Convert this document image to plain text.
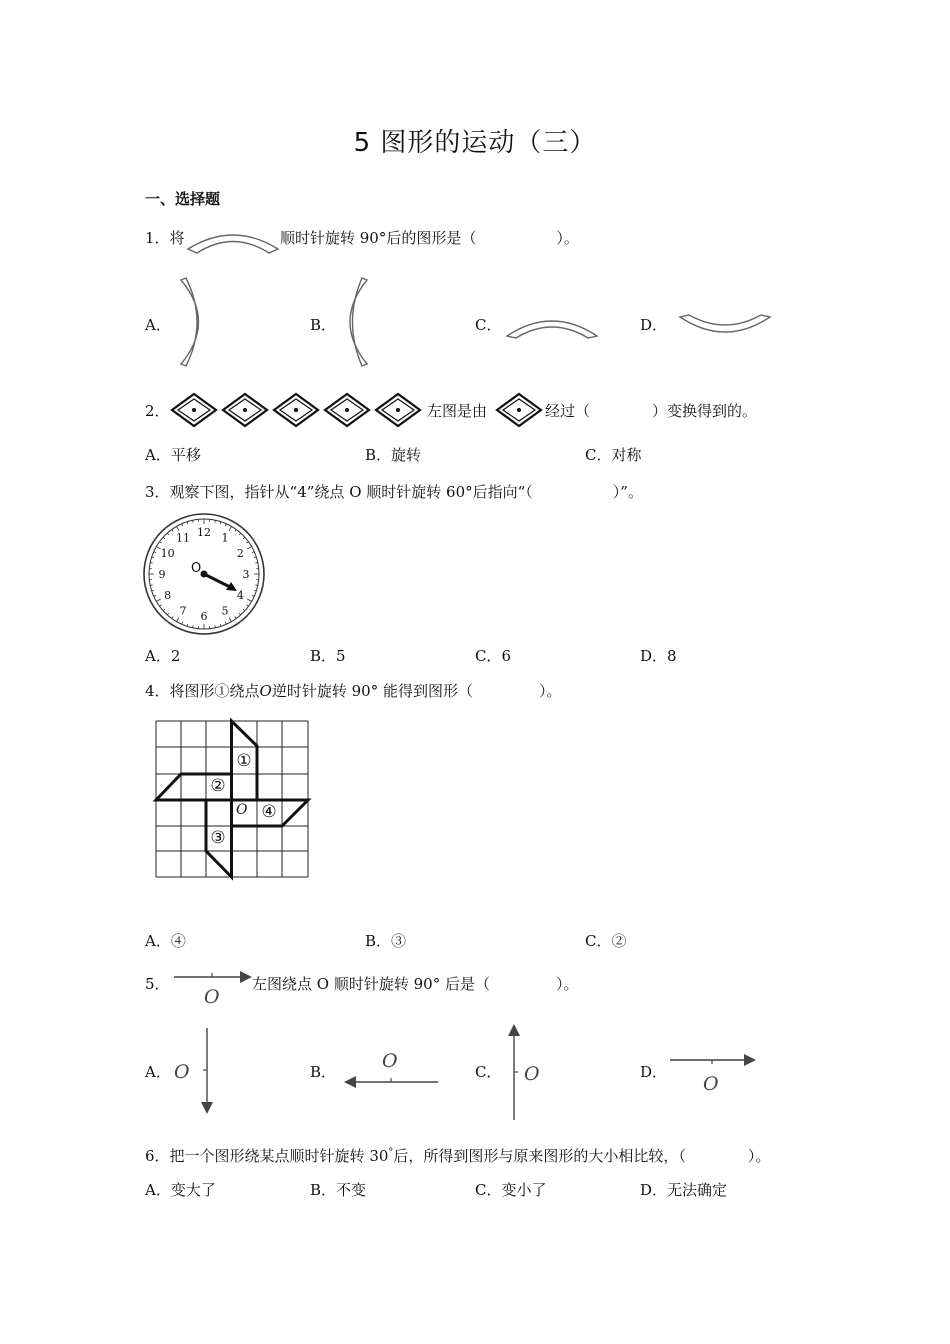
5 图形的运动（三）
一、选择题
1．将	顺时针旋转 90°后的图形是（	）。
A．	B．	C．	D．
2．	左图是由	经过（	）变换得到的。
A．平移	B．旋转	C．对称
3．观察下图，指针从“4”绕点 O 顺时针旋转 60°后指向“（	）”。
12 1
2
3
4
5
6
7
8
9
10
11
O
A．2	B．5	C．6	D．8
4．将图形①绕点O逆时针旋转 90° 能得到图形（	）。
①
②
③
④
O
A．④	B．③	C．②
5．
O
左图绕点 O 顺时针旋转 90° 后是（	）。
A． O	B． O	C． O	D．
O
6．把一个图形绕某点顺时针旋转 30°后，所得到图形与原来图形的大小相比较，（	）。
A．变大了	B．不变	C．变小了	D．无法确定
